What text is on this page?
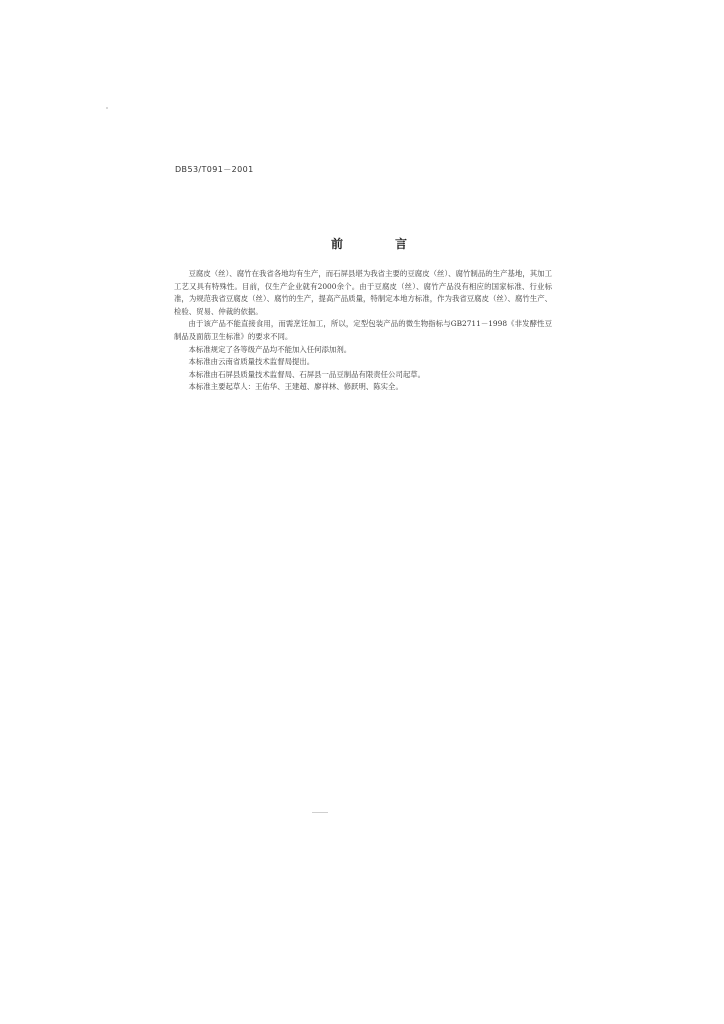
DB53/T091－2001
前言

豆腐皮（丝）、腐竹在我省各地均有生产，而石屏县堪为我省主要的豆腐皮（丝）、腐竹制品的生产基地，其加工工艺又具有特殊性。目前，仅生产企业就有2000余个。由于豆腐皮（丝）、腐竹产品没有相应的国家标准、行业标准，为规范我省豆腐皮（丝）、腐竹的生产，提高产品质量，特制定本地方标准，作为我省豆腐皮（丝）、腐竹生产、检验、贸易、仲裁的依据。

由于该产品不能直接食用，而需烹饪加工，所以，定型包装产品的微生物指标与GB2711－1998《非发酵性豆制品及面筋卫生标准》的要求不同。

本标准规定了各等级产品均不能加入任何添加剂。

本标准由云南省质量技术监督局提出。

本标准由石屏县质量技术监督局、石屏县一品豆制品有限责任公司起草。

本标准主要起草人：王佑华、王建超、廖祥林、修跃明、陈实全。
